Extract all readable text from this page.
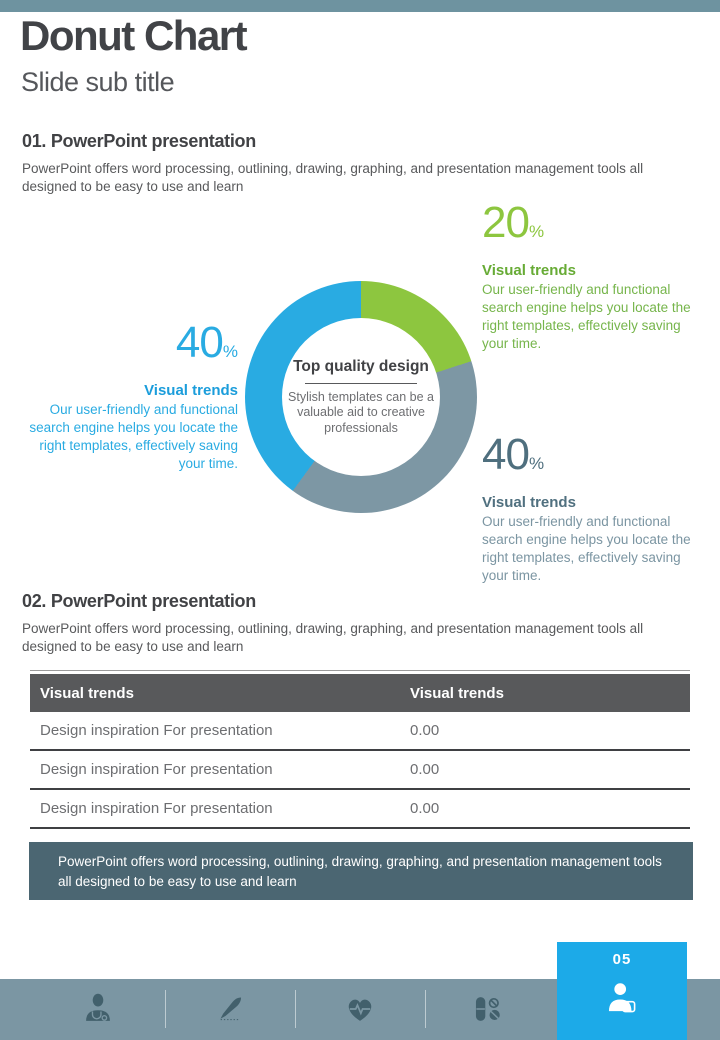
Donut Chart
Slide sub title
01. PowerPoint presentation

PowerPoint offers word processing, outlining, drawing, graphing, and presentation management tools all designed to be easy to use and learn

Top quality design
Stylish templates can be a valuable aid to creative professionals
20%
Visual trends
Our user-friendly and functional search engine helps you locate the right templates, effectively saving your time.
40%
Visual trends
Our user-friendly and functional search engine helps you locate the right templates, effectively saving your time.	40%
Visual trends
Our user-friendly and functional search engine helps you locate the right templates, effectively saving your time.
02. PowerPoint presentation

PowerPoint offers word processing, outlining, drawing, graphing, and presentation management tools all designed to be easy to use and learn

Visual trends	Visual trends
Design inspiration For presentation	0.00
Design inspiration For presentation	0.00
Design inspiration For presentation	0.00
PowerPoint offers word processing, outlining, drawing, graphing, and presentation management tools all designed to be easy to use and learn
05
